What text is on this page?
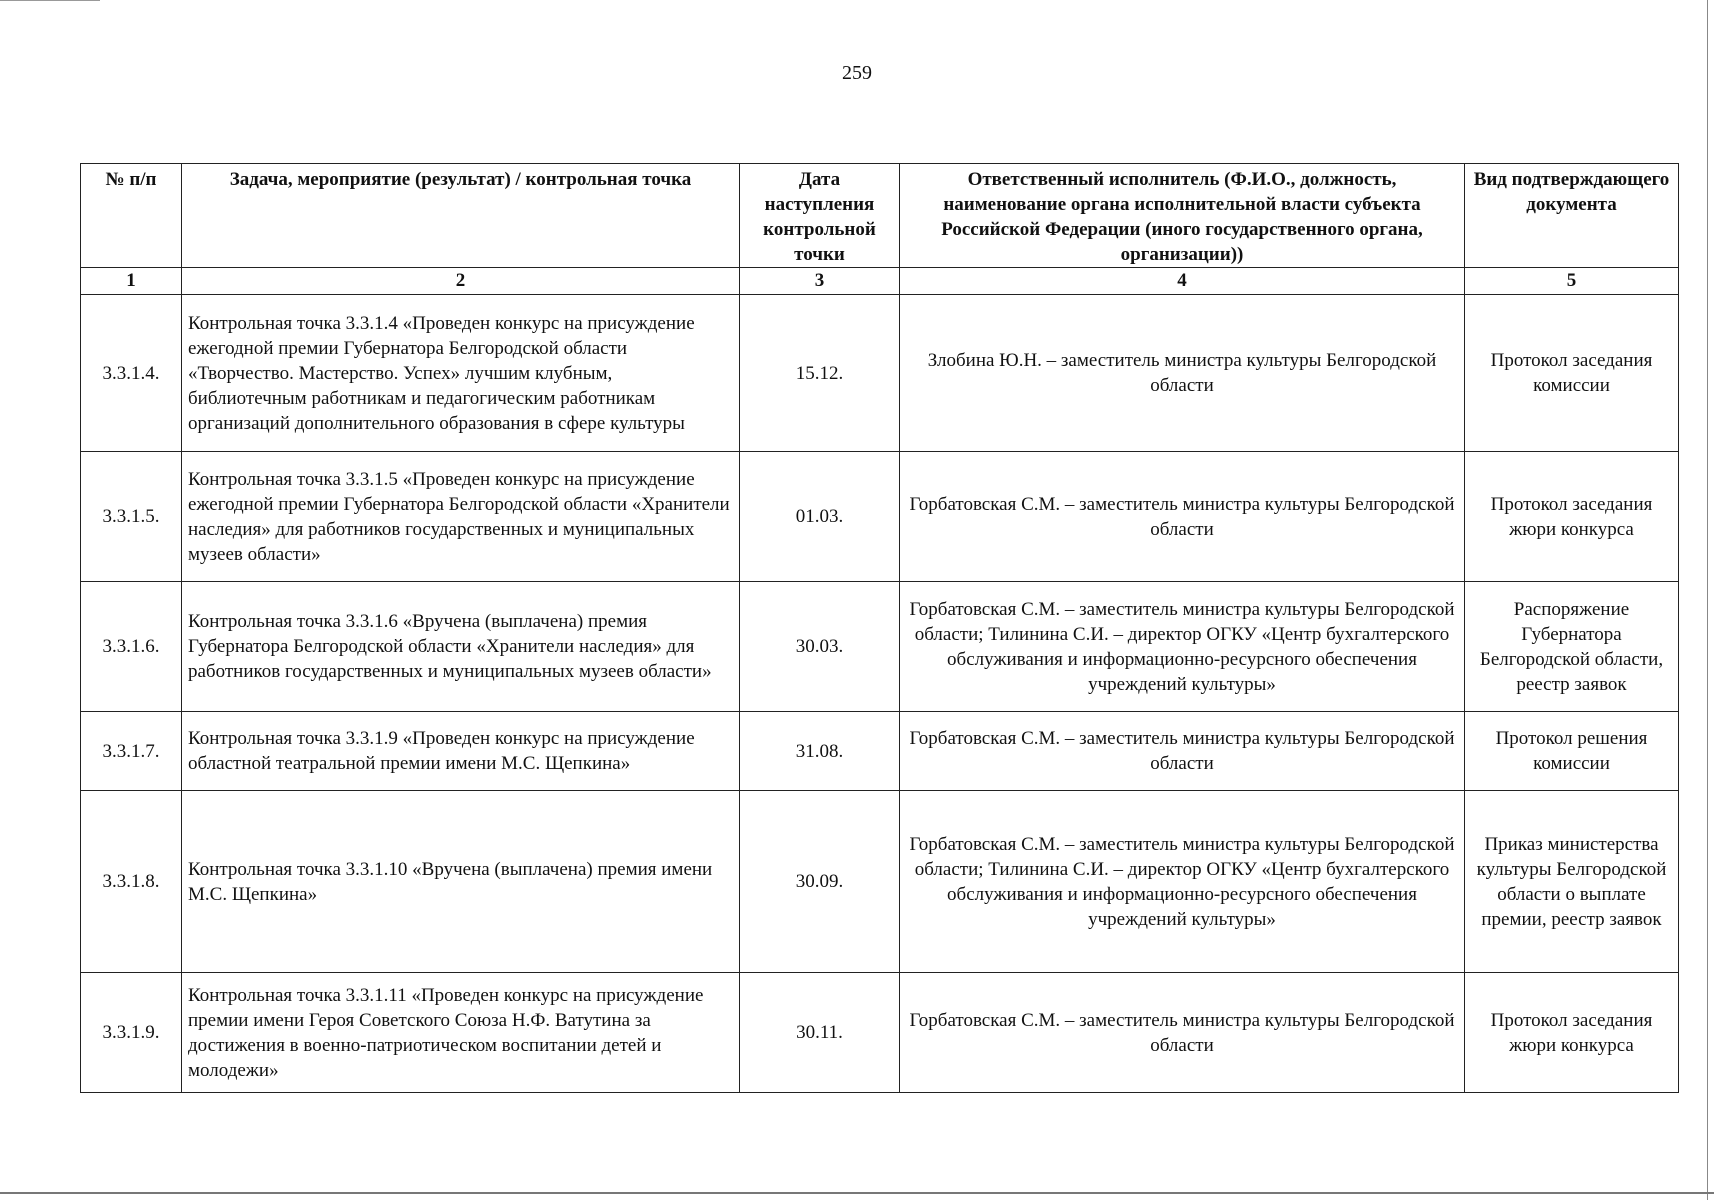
259
№ п/п	Задача, мероприятие (результат) / контрольная точка	Дата наступления контрольной точки	Ответственный исполнитель (Ф.И.О., должность, наименование органа исполнительной власти субъекта Российской Федерации (иного государственного органа, организации))	Вид подтверждающего документа
1	2	3	4	5
3.3.1.4.	Контрольная точка 3.3.1.4 «Проведен конкурс на присуждение ежегодной премии Губернатора Белгородской области «Творчество. Мастерство. Успех» лучшим клубным, библиотечным работникам и педагогическим работникам организаций дополнительного образования в сфере культуры	15.12.	Злобина Ю.Н. – заместитель министра культуры Белгородской области	Протокол заседания комиссии
3.3.1.5.	Контрольная точка 3.3.1.5 «Проведен конкурс на присуждение ежегодной премии Губернатора Белгородской области «Хранители наследия» для работников государственных и муниципальных музеев области»	01.03.	Горбатовская С.М. – заместитель министра культуры Белгородской области	Протокол заседания жюри конкурса
3.3.1.6.	Контрольная точка 3.3.1.6 «Вручена (выплачена) премия Губернатора Белгородской области «Хранители наследия» для работников государственных и муниципальных музеев области»	30.03.	Горбатовская С.М. – заместитель министра культуры Белгородской области; Тилинина С.И. – директор ОГКУ «Центр бухгалтерского обслуживания и информационно-ресурсного обеспечения учреждений культуры»	Распоряжение Губернатора Белгородской области, реестр заявок
3.3.1.7.	Контрольная точка 3.3.1.9 «Проведен конкурс на присуждение областной театральной премии имени М.С. Щепкина»	31.08.	Горбатовская С.М. – заместитель министра культуры Белгородской области	Протокол решения комиссии
3.3.1.8.	Контрольная точка 3.3.1.10 «Вручена (выплачена) премия имени М.С. Щепкина»	30.09.	Горбатовская С.М. – заместитель министра культуры Белгородской области; Тилинина С.И. – директор ОГКУ «Центр бухгалтерского обслуживания и информационно-ресурсного обеспечения учреждений культуры»	Приказ министерства культуры Белгородской области о выплате премии, реестр заявок
3.3.1.9.	Контрольная точка 3.3.1.11 «Проведен конкурс на присуждение премии имени Героя Советского Союза Н.Ф. Ватутина за достижения в военно-патриотическом воспитании детей и молодежи»	30.11.	Горбатовская С.М. – заместитель министра культуры Белгородской области	Протокол заседания жюри конкурса
